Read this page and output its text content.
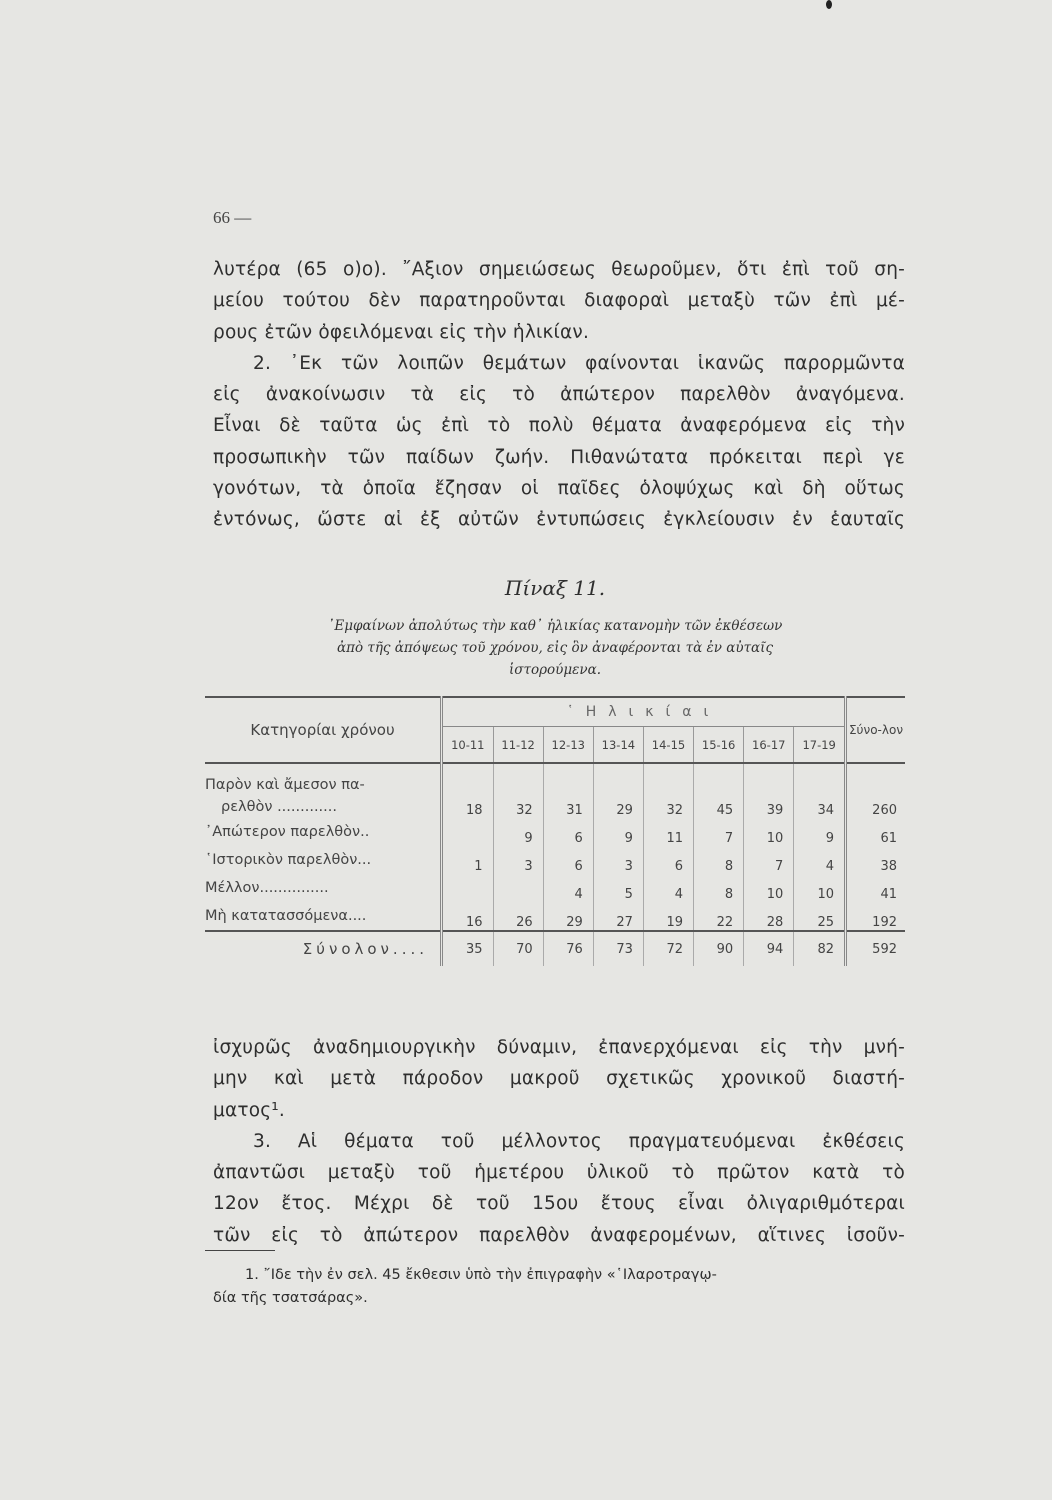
66 —
λυτέρα (65 ο)ο). ῎Αξιον σημειώσεως θεωροῦμεν, ὅτι ἐπὶ τοῦ ση-
μείου τούτου δὲν παρατηροῦνται διαφοραὶ μεταξὺ τῶν ἐπὶ μέ-
ρους ἐτῶν ὀφειλόμεναι εἰς τὴν ἡλικίαν.
2. ᾿Εκ τῶν λοιπῶν θεμάτων φαίνονται ἱκανῶς παρορμῶντα
εἰς ἀνακοίνωσιν τὰ εἰς τὸ ἀπώτερον παρελθὸν ἀναγόμενα.
Εἶναι δὲ ταῦτα ὡς ἐπὶ τὸ πολὺ θέματα ἀναφερόμενα εἰς τὴν
προσωπικὴν τῶν παίδων ζωήν. Πιθανώτατα πρόκειται περὶ γε
γονότων, τὰ ὁποῖα ἔζησαν οἱ παῖδες ὁλοψύχως καὶ δὴ οὕτως
ἐντόνως, ὥστε αἱ ἐξ αὐτῶν ἐντυπώσεις ἐγκλείουσιν ἐν ἑαυταῖς
Πίναξ 11.
᾿Εμφαίνων ἀπολύτως τὴν καθ᾿ ἡλικίας κατανομὴν τῶν ἐκθέσεων
ἀπὸ τῆς ἀπόψεως τοῦ χρόνου, εἰς ὃν ἀναφέρονται τὰ ἐν αὐταῖς
ἱστορούμενα.
Κατηγορίαι χρόνου	῾Ηλικίαι								Σύνο-λον
	10-11	11-12	12-13	13-14	14-15	15-16	16-17	17-19	

Παρὸν καὶ ἄμεσον πα-
ρελθὸν .............	18	32	31	29	32	45	39	34	260

᾿Απώτερον παρελθὸν..		9	6	9	11	7	10	9	61

῾Ιστορικὸν παρελθὸν...	1	3	6	3	6	8	7	4	38

Μέλλον...............			4	5	4	8	10	10	41

Μὴ κατατασσόμενα....	16	26	29	27	19	22	28	25	192
Σύνολον....	35	70	76	73	72	90	94	82	592
ἰσχυρῶς ἀναδημιουργικὴν δύναμιν, ἐπανερχόμεναι εἰς τὴν μνή-
μην καὶ μετὰ πάροδον μακροῦ σχετικῶς χρονικοῦ διαστή-
ματος¹.
3. Αἱ θέματα τοῦ μέλλοντος πραγματευόμεναι ἐκθέσεις
ἀπαντῶσι μεταξὺ τοῦ ἡμετέρου ὑλικοῦ τὸ πρῶτον κατὰ τὸ
12ον ἔτος. Μέχρι δὲ τοῦ 15ου ἔτους εἶναι ὀλιγαριθμότεραι
τῶν εἰς τὸ ἀπώτερον παρελθὸν ἀναφερομένων, αἵτινες ἰσοῦν-
1. ῎Ιδε τὴν ἐν σελ. 45 ἔκθεσιν ὑπὸ τὴν ἐπιγραφὴν «῾Ιλαροτραγῳ-
δία τῆς τσατσάρας».
